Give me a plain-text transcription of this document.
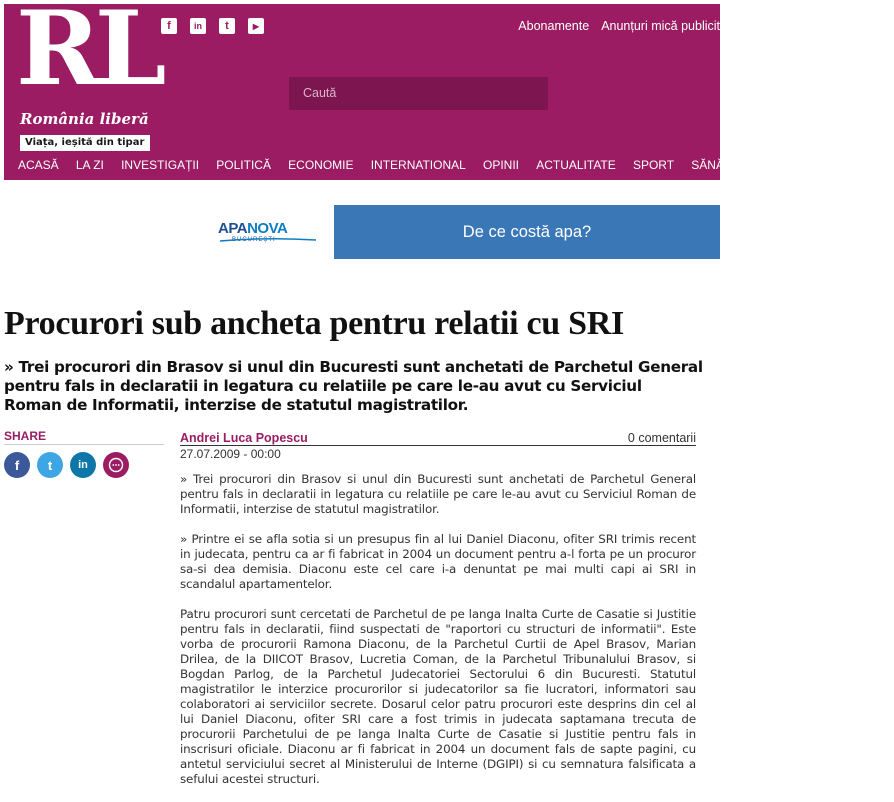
RL
România liberă
Viața, ieșită din tipar
f	in	t	▶	Abonamente Anunțuri mică publicit
Caută
ACASĂ	LA ZI	INVESTIGAȚII	POLITICĂ	ECONOMIE	INTERNATIONAL	OPINII	ACTUALITATE	SPORT	SĂNĂTATE	LIFESTYLE	GDPR
APANOVA
BUCUREȘTI	De ce costă apa?
Procurori sub ancheta pentru relatii cu SRI
» Trei procurori din Brasov si unul din Bucuresti sunt anchetati de Parchetul General pentru fals in declaratii in legatura cu relatiile pe care le-au avut cu Serviciul Roman de Informatii, interzise de statutul magistratilor.
SHARE
f	t	in
Andrei Luca Popescu	0 comentarii
27.07.2009 - 00:00

» Trei procurori din Brasov si unul din Bucuresti sunt anchetati de Parchetul General pentru fals in declaratii in legatura cu relatiile pe care le-au avut cu Serviciul Roman de Informatii, interzise de statutul magistratilor.

» Printre ei se afla sotia si un presupus fin al lui Daniel Diaconu, ofiter SRI trimis recent in judecata, pentru ca ar fi fabricat in 2004 un document pentru a-l forta pe un procuror sa-si dea demisia. Diaconu este cel care i-a denuntat pe mai multi capi ai SRI in scandalul apartamentelor.

Patru procurori sunt cercetati de Parchetul de pe langa Inalta Curte de Casatie si Justitie pentru fals in declaratii, fiind suspectati de "raportori cu structuri de informatii". Este vorba de procurorii Ramona Diaconu, de la Parchetul Curtii de Apel Brasov, Marian Drilea, de la DIICOT Brasov, Lucretia Coman, de la Parchetul Tribunalului Brasov, si Bogdan Parlog, de la Parchetul Judecatoriei Sectorului 6 din Bucuresti. Statutul magistratilor le interzice procurorilor si judecatorilor sa fie lucratori, informatori sau colaboratori ai serviciilor secrete. Dosarul celor patru procurori este desprins din cel al lui Daniel Diaconu, ofiter SRI care a fost trimis in judecata saptamana trecuta de procurorii Parchetului de pe langa Inalta Curte de Casatie si Justitie pentru fals in inscrisuri oficiale. Diaconu ar fi fabricat in 2004 un document fals de sapte pagini, cu antetul serviciului secret al Ministerului de Interne (DGIPI) si cu semnatura falsificata a sefului acestei structuri.
